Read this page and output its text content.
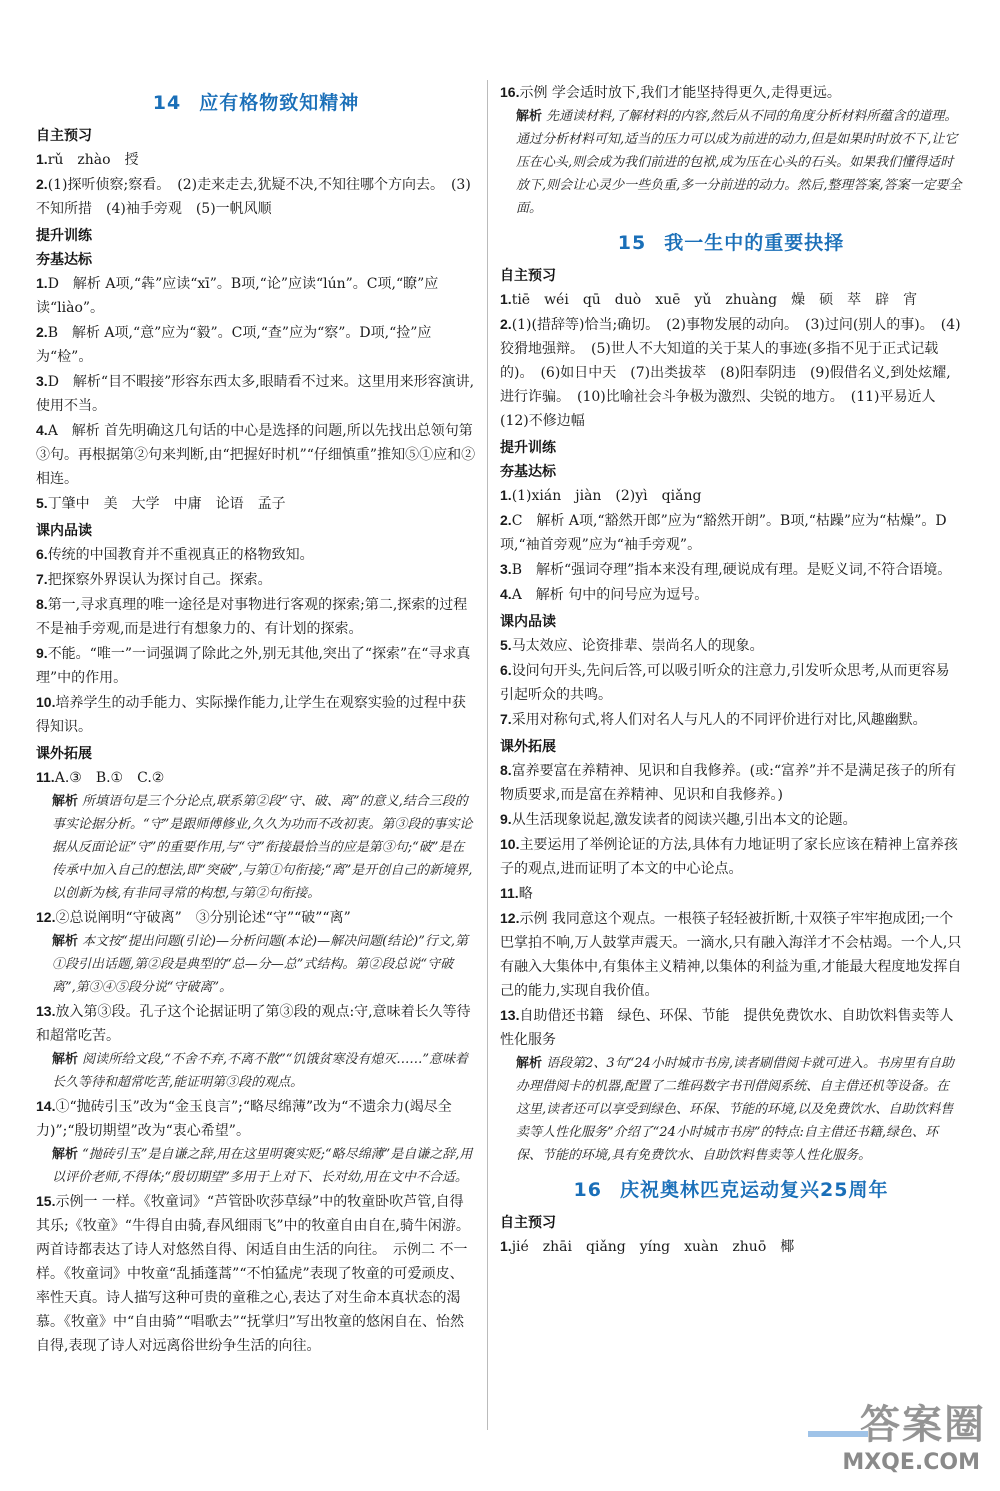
14 应有格物致知精神
自主预习
1.rǔ　zhào　授
2.(1)探听侦察;察看。　(2)走来走去,犹疑不决,不知往哪个方向去。　(3)不知所措　(4)袖手旁观　(5)一帆风顺
提升训练
夯基达标
1.D　解析 A项,“犇”应读“xī”。B项,“论”应读“lún”。C项,“瞭”应读“liào”。
2.B　解析 A项,“意”应为“毅”。C项,“查”应为“察”。D项,“捡”应为“检”。
3.D　解析“目不暇接”形容东西太多,眼睛看不过来。这里用来形容演讲,使用不当。
4.A　解析 首先明确这几句话的中心是选择的问题,所以先找出总领句第③句。再根据第②句来判断,由“把握好时机”“仔细慎重”推知⑤①应和②相连。
5.丁肇中　美　大学　中庸　论语　孟子
课内品读
6.传统的中国教育并不重视真正的格物致知。
7.把探察外界误认为探讨自己。探索。
8.第一,寻求真理的唯一途径是对事物进行客观的探索;第二,探索的过程不是袖手旁观,而是进行有想象力的、有计划的探索。
9.不能。“唯一”一词强调了除此之外,别无其他,突出了“探索”在“寻求真理”中的作用。
10.培养学生的动手能力、实际操作能力,让学生在观察实验的过程中获得知识。
课外拓展
11.A.③　B.①　C.②
解析 所填语句是三个分论点,联系第②段“守、破、离”的意义,结合三段的事实论据分析。“守”是跟师傅修业,久久为功而不改初衷。第③段的事实论据从反面论证“守”的重要作用,与“守”衔接最恰当的应是第③句;“破”是在传承中加入自己的想法,即“突破”,与第①句衔接;“离”是开创自己的新境界,以创新为核,有非同寻常的构想,与第②句衔接。
12.②总说阐明“守破离”　③分别论述“守”“破”“离”
解析 本文按“提出问题(引论)—分析问题(本论)—解决问题(结论)”行文,第①段引出话题,第②段是典型的“总—分—总”式结构。第②段总说“守破离”,第③④⑤段分说“守破离”。
13.放入第③段。孔子这个论据证明了第③段的观点:守,意味着长久等待和超常吃苦。
解析 阅读所给文段,“不舍不弃,不离不散”“饥饿贫寒没有熄灭……”意味着长久等待和超常吃苦,能证明第③段的观点。
14.①“抛砖引玉”改为“金玉良言”;“略尽绵薄”改为“不遗余力(竭尽全力)”;“殷切期望”改为“衷心希望”。
解析 “抛砖引玉”是自谦之辞,用在这里明褒实贬;“略尽绵薄”是自谦之辞,用以评价老师,不得体;“殷切期望”多用于上对下、长对幼,用在文中不合适。
15.示例一 一样。《牧童词》“芦管卧吹莎草绿”中的牧童卧吹芦管,自得其乐;《牧童》“牛得自由骑,春风细雨飞”中的牧童自由自在,骑牛闲游。两首诗都表达了诗人对悠然自得、闲适自由生活的向往。　示例二 不一样。《牧童词》中牧童“乱插蓬蒿”“不怕猛虎”表现了牧童的可爱顽皮、率性天真。诗人描写这种可贵的童稚之心,表达了对生命本真状态的渴慕。《牧童》中“自由骑”“唱歌去”“抚掌归”写出牧童的悠闲自在、怡然自得,表现了诗人对远离俗世纷争生活的向往。
16.示例 学会适时放下,我们才能坚持得更久,走得更远。
解析 先通读材料,了解材料的内容,然后从不同的角度分析材料所蕴含的道理。通过分析材料可知,适当的压力可以成为前进的动力,但是如果时时放不下,让它压在心头,则会成为我们前进的包袱,成为压在心头的石头。如果我们懂得适时放下,则会让心灵少一些负重,多一分前进的动力。然后,整理答案,答案一定要全面。
15 我一生中的重要抉择
自主预习
1.tiē　wéi　qū　duò　xuē　yǔ　zhuàng　燥　硕　萃　辟　宵
2.(1)(措辞等)恰当;确切。　(2)事物发展的动向。　(3)过问(别人的事)。　(4)狡猾地强辩。　(5)世人不大知道的关于某人的事迹(多指不见于正式记载的)。　(6)如日中天　(7)出类拔萃　(8)阳奉阴违　(9)假借名义,到处炫耀,进行诈骗。　(10)比喻社会斗争极为激烈、尖锐的地方。　(11)平易近人　(12)不修边幅
提升训练
夯基达标
1.(1)xián　jiàn　(2)yì　qiǎng
2.C　解析 A项,“豁然开郎”应为“豁然开朗”。B项,“枯躁”应为“枯燥”。D项,“袖首旁观”应为“袖手旁观”。
3.B　解析“强词夺理”指本来没有理,硬说成有理。是贬义词,不符合语境。
4.A　解析 句中的问号应为逗号。
课内品读
5.马太效应、论资排辈、崇尚名人的现象。
6.设问句开头,先问后答,可以吸引听众的注意力,引发听众思考,从而更容易引起听众的共鸣。
7.采用对称句式,将人们对名人与凡人的不同评价进行对比,风趣幽默。
课外拓展
8.富养要富在养精神、见识和自我修养。(或:“富养”并不是满足孩子的所有物质要求,而是富在养精神、见识和自我修养。)
9.从生活现象说起,激发读者的阅读兴趣,引出本文的论题。
10.主要运用了举例论证的方法,具体有力地证明了家长应该在精神上富养孩子的观点,进而证明了本文的中心论点。
11.略
12.示例 我同意这个观点。一根筷子轻轻被折断,十双筷子牢牢抱成团;一个巴掌拍不响,万人鼓掌声震天。一滴水,只有融入海洋才不会枯竭。一个人,只有融入大集体中,有集体主义精神,以集体的利益为重,才能最大程度地发挥自己的能力,实现自我价值。
13.自助借还书籍　绿色、环保、节能　提供免费饮水、自助饮料售卖等人性化服务
解析 语段第2、3句“24小时城市书房,读者刷借阅卡就可进入。书房里有自助办理借阅卡的机器,配置了二维码数字书刊借阅系统、自主借还机等设备。在这里,读者还可以享受到绿色、环保、节能的环境,以及免费饮水、自助饮料售卖等人性化服务”介绍了“24小时城市书房”的特点:自主借还书籍,绿色、环保、节能的环境,具有免费饮水、自助饮料售卖等人性化服务。
16 庆祝奥林匹克运动复兴25周年
自主预习
1.jié　zhāi　qiǎng　yíng　xuàn　zhuō　椰
答案圈
MXQE.COM
